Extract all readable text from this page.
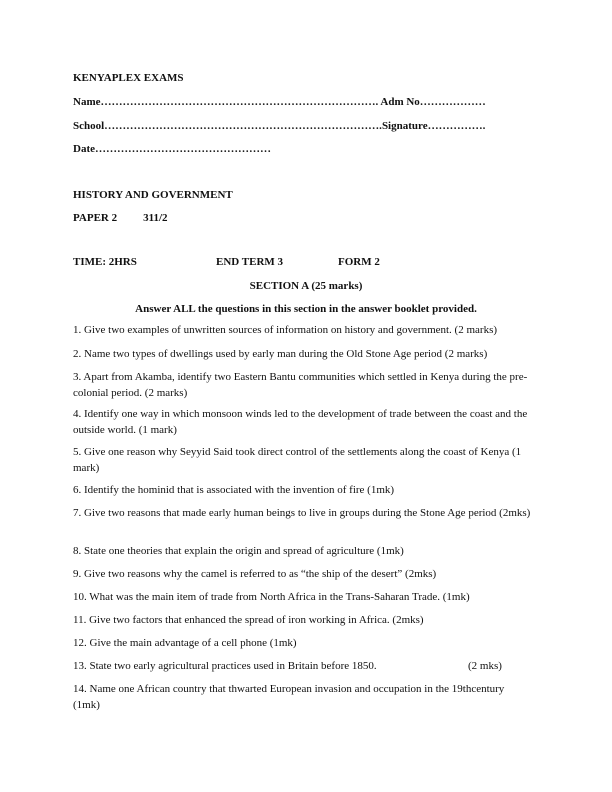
KENYAPLEX EXAMS
Name…………………………………………………………………. Adm No………………
School………………………………………………………………….Signature…………….
Date…………………………………………
HISTORY AND GOVERNMENT
PAPER 2 311/2
TIME: 2HRS	END TERM 3	FORM 2
SECTION A (25 marks)
Answer ALL the questions in this section in the answer booklet provided.
1. Give two examples of unwritten sources of information on history and government. (2 marks)
2. Name two types of dwellings used by early man during the Old Stone Age period (2 marks)
3. Apart from Akamba, identify two Eastern Bantu communities which settled in Kenya during the pre-colonial period. (2 marks)
4. Identify one way in which monsoon winds led to the development of trade between the coast and the outside world. (1 mark)
5. Give one reason why Seyyid Said took direct control of the settlements along the coast of Kenya (1 mark)
6. Identify the hominid that is associated with the invention of fire (1mk)
7. Give two reasons that made early human beings to live in groups during the Stone Age period (2mks)
8. State one theories that explain the origin and spread of agriculture (1mk)
9. Give two reasons why the camel is referred to as “the ship of the desert” (2mks)
10. What was the main item of trade from North Africa in the Trans-Saharan Trade. (1mk)
11. Give two factors that enhanced the spread of iron working in Africa. (2mks)
12. Give the main advantage of a cell phone (1mk)
13. State two early agricultural practices used in Britain before 1850.	(2 mks)
14. Name one African country that thwarted European invasion and occupation in the 19thcentury (1mk)
